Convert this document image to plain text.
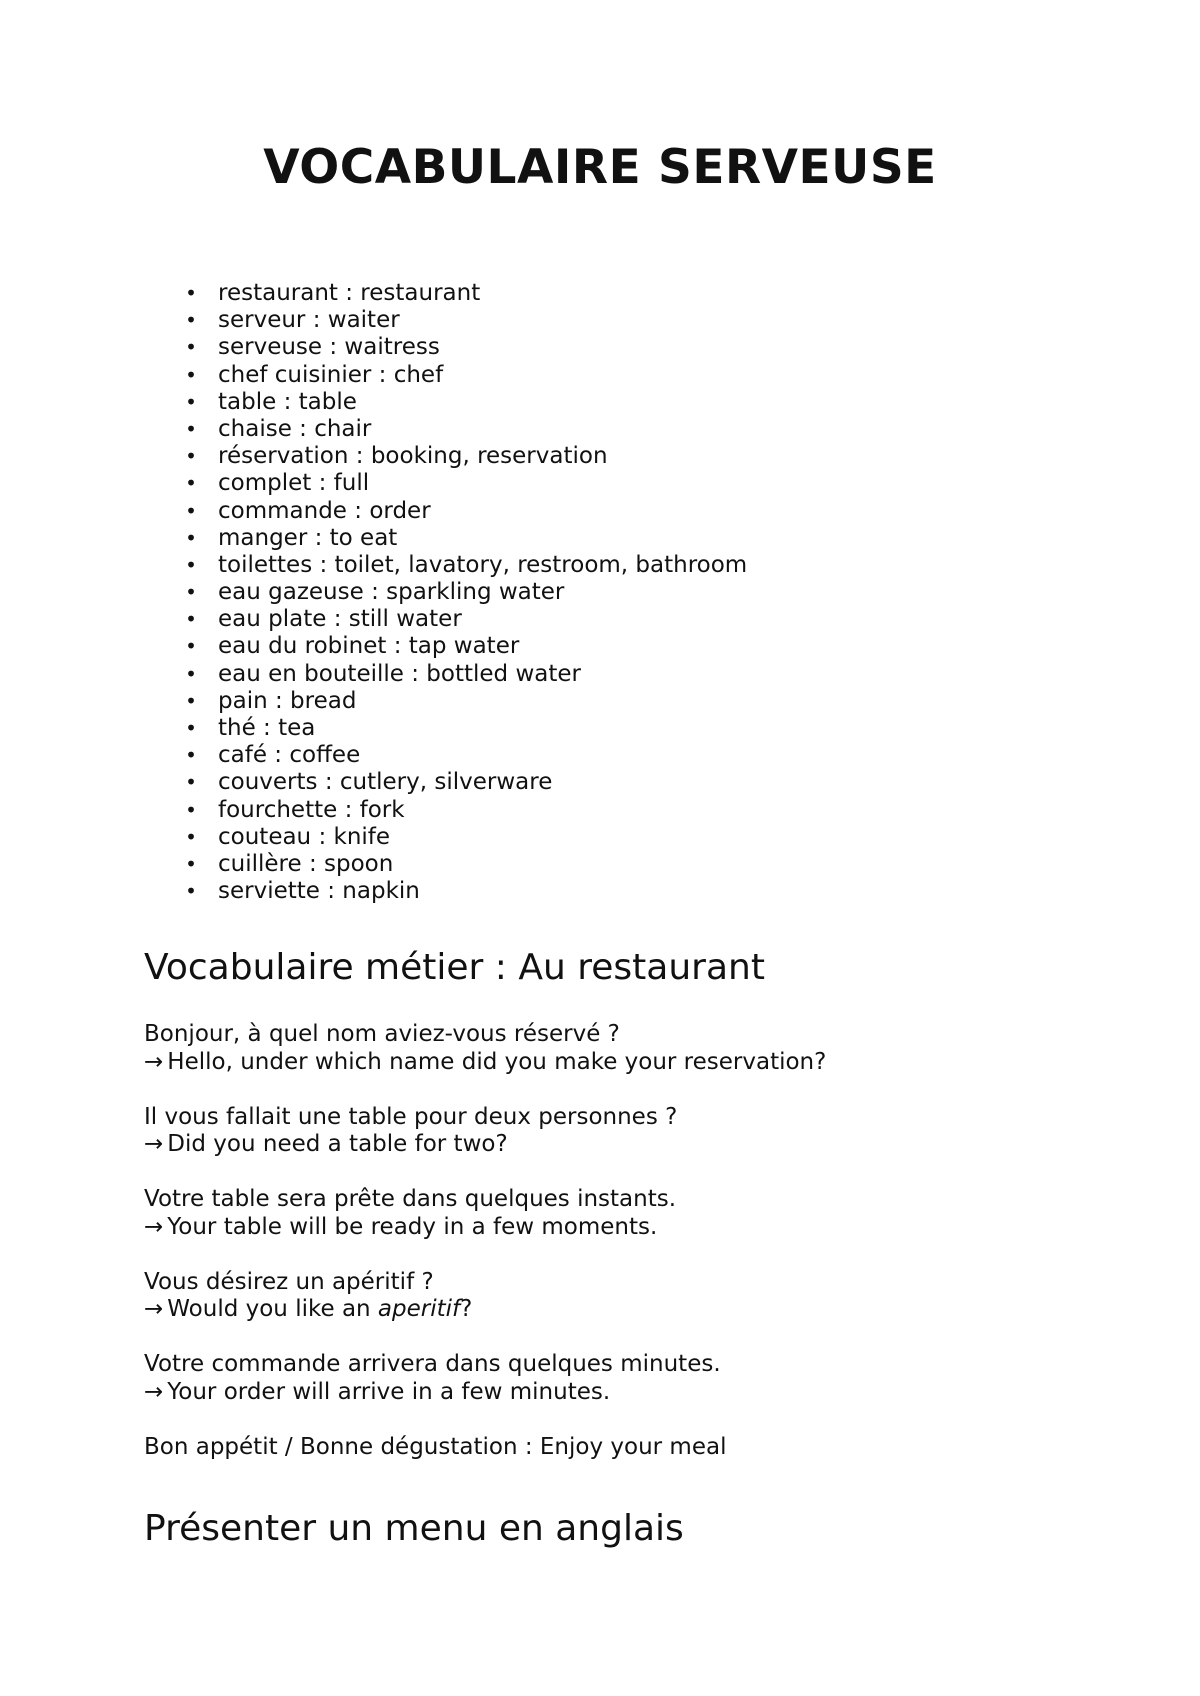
VOCABULAIRE SERVEUSE
• restaurant : restaurant
• serveur : waiter
• serveuse : waitress
• chef cuisinier : chef
• table : table
• chaise : chair
• réservation : booking, reservation
• complet : full
• commande : order
• manger : to eat
• toilettes : toilet, lavatory, restroom, bathroom
• eau gazeuse : sparkling water
• eau plate : still water
• eau du robinet : tap water
• eau en bouteille : bottled water
• pain : bread
• thé : tea
• café : coffee
• couverts : cutlery, silverware
• fourchette : fork
• couteau : knife
• cuillère : spoon
• serviette : napkin
Vocabulaire métier : Au restaurant

Bonjour, à quel nom aviez-vous réservé ?
→ Hello, under which name did you make your reservation?

Il vous fallait une table pour deux personnes ?
→ Did you need a table for two?

Votre table sera prête dans quelques instants.
→ Your table will be ready in a few moments.

Vous désirez un apéritif ?
→ Would you like an aperitif?

Votre commande arrivera dans quelques minutes.
→ Your order will arrive in a few minutes.

Bon appétit / Bonne dégustation : Enjoy your meal

Présenter un menu en anglais
